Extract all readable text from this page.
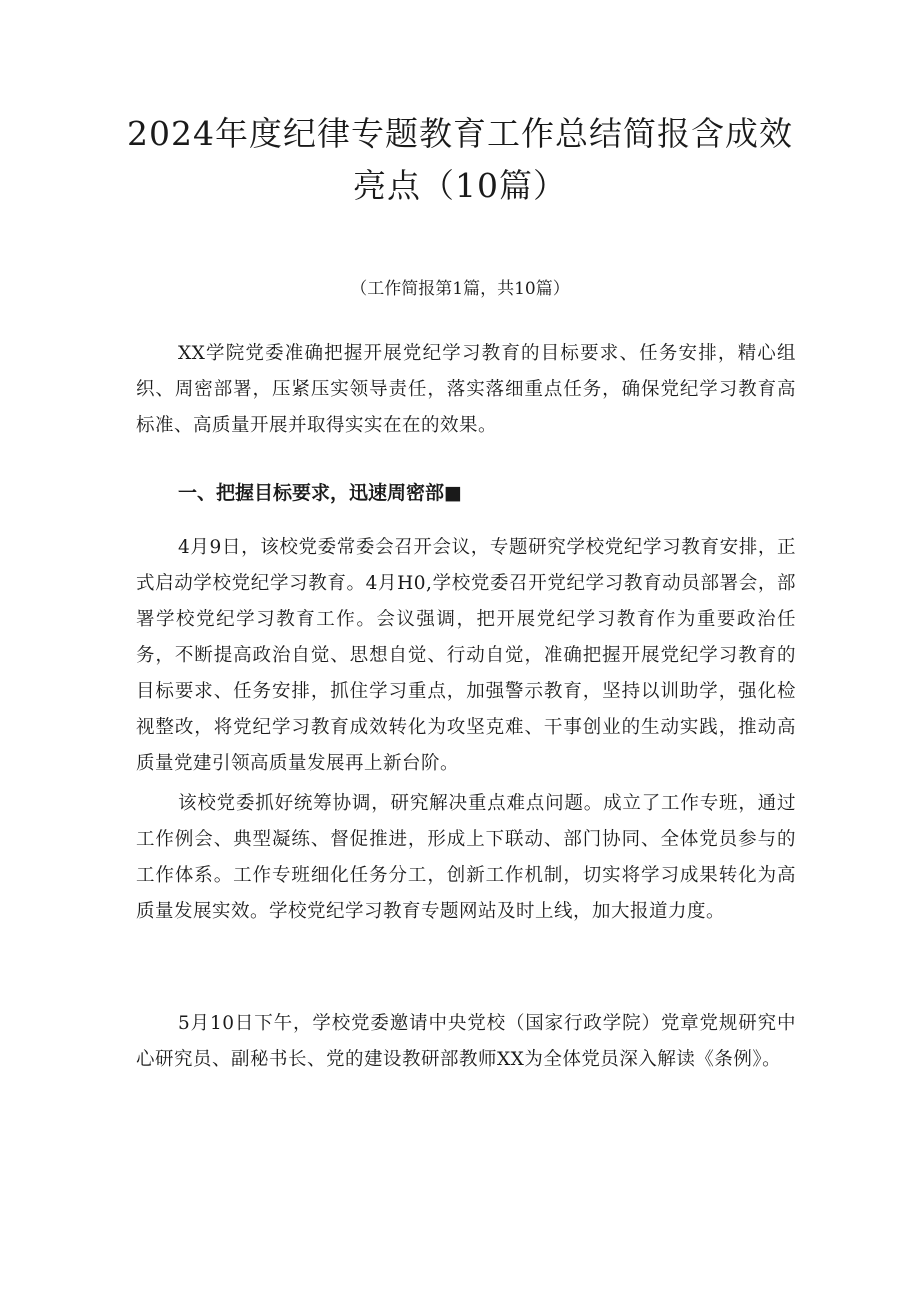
2024年度纪律专题教育工作总结简报含成效亮点（10篇）

（工作简报第1篇，共10篇）

XX学院党委准确把握开展党纪学习教育的目标要求、任务安排，精心组织、周密部署，压紧压实领导责任，落实落细重点任务，确保党纪学习教育高标准、高质量开展并取得实实在在的效果。

一、把握目标要求，迅速周密部■

4月9日，该校党委常委会召开会议，专题研究学校党纪学习教育安排，正式启动学校党纪学习教育。4月H0,学校党委召开党纪学习教育动员部署会，部署学校党纪学习教育工作。会议强调，把开展党纪学习教育作为重要政治任务，不断提高政治自觉、思想自觉、行动自觉，准确把握开展党纪学习教育的目标要求、任务安排，抓住学习重点，加强警示教育，坚持以训助学，强化检视整改，将党纪学习教育成效转化为攻坚克难、干事创业的生动实践，推动高质量党建引领高质量发展再上新台阶。

该校党委抓好统筹协调，研究解决重点难点问题。成立了工作专班，通过工作例会、典型凝练、督促推进，形成上下联动、部门协同、全体党员参与的工作体系。工作专班细化任务分工，创新工作机制，切实将学习成果转化为高质量发展实效。学校党纪学习教育专题网站及时上线，加大报道力度。

5月10日下午，学校党委邀请中央党校（国家行政学院）党章党规研究中心研究员、副秘书长、党的建设教研部教师XX为全体党员深入解读《条例》。
